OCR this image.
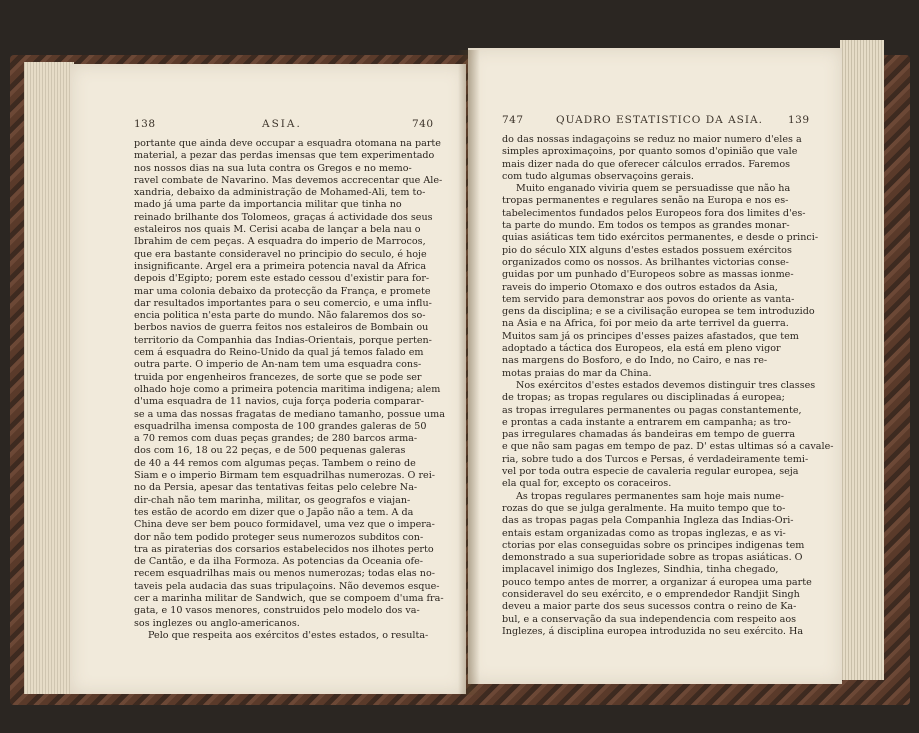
138	ASIA.	740
portante que ainda deve occupar a esquadra otomana na parte
material, a pezar das perdas imensas que tem experimentado
nos nossos dias na sua luta contra os Gregos e no memo-
ravel combate de Navarino. Mas devemos accrecentar que Ale-
xandria, debaixo da administração de Mohamed-Ali, tem to-
mado já uma parte da importancia militar que tinha no
reinado brilhante dos Tolomeos, graças á actividade dos seus
estaleiros nos quais M. Cerisi acaba de lançar a bela nau o
Ibrahim de cem peças. A esquadra do imperio de Marrocos,
que era bastante consideravel no principio do seculo, é hoje
insignificante. Argel era a primeira potencia naval da Africa
depois d'Egipto; porem este estado cessou d'existir para for-
mar uma colonia debaixo da protecção da França, e promete
dar resultados importantes para o seu comercio, e uma influ-
encia politica n'esta parte do mundo. Não falaremos dos so-
berbos navios de guerra feitos nos estaleiros de Bombain ou
territorio da Companhia das Indias-Orientais, porque perten-
cem á esquadra do Reino-Unido da qual já temos falado em
outra parte. O imperio de An-nam tem uma esquadra cons-
truida por engenheiros francezes, de sorte que se pode ser
olhado hoje como a primeira potencia maritima indigena; alem
d'uma esquadra de 11 navios, cuja força poderia comparar-
se a uma das nossas fragatas de mediano tamanho, possue uma
esquadrilha imensa composta de 100 grandes galeras de 50
a 70 remos com duas peças grandes; de 280 barcos arma-
dos com 16, 18 ou 22 peças, e de 500 pequenas galeras
de 40 a 44 remos com algumas peças. Tambem o reino de
Siam e o imperio Birmam tem esquadrilhas numerozas. O rei-
no da Persia, apesar das tentativas feitas pelo celebre Na-
dir-chah não tem marinha, militar, os geografos e viajan-
tes estão de acordo em dizer que o Japão não a tem. A da
China deve ser bem pouco formidavel, uma vez que o impera-
dor não tem podido proteger seus numerozos subditos con-
tra as piraterias dos corsarios estabelecidos nos ilhotes perto
de Cantão, e da ilha Formoza. As potencias da Oceania ofe-
recem esquadrilhas mais ou menos numerozas; todas elas no-
taveis pela audacia das suas tripulaçoins. Não devemos esque-
cer a marinha militar de Sandwich, que se compoem d'uma fra-
gata, e 10 vasos menores, construidos pelo modelo dos va-
sos inglezes ou anglo-americanos.
Pelo que respeita aos exércitos d'estes estados, o resulta-
747	QUADRO ESTATISTICO DA ASIA. 139
do das nossas indagaçoins se reduz no maior numero d'eles a
simples aproximaçoins, por quanto somos d'opinião que vale
mais dizer nada do que oferecer cálculos errados. Faremos
com tudo algumas observaçoins gerais.
Muito enganado viviria quem se persuadisse que não ha
tropas permanentes e regulares senão na Europa e nos es-
tabelecimentos fundados pelos Europeos fora dos limites d'es-
ta parte do mundo. Em todos os tempos as grandes monar-
quias asiáticas tem tido exércitos permanentes, e desde o princi-
pio do século XIX alguns d'estes estados possuem exércitos
organizados como os nossos. As brilhantes victorias conse-
guidas por um punhado d'Europeos sobre as massas ionme-
raveis do imperio Otomaxo e dos outros estados da Asia,
tem servido para demonstrar aos povos do oriente as vanta-
gens da disciplina; e se a civilisação europea se tem introduzido
na Asia e na Africa, foi por meio da arte terrivel da guerra.
Muitos sam já os principes d'esses paizes afastados, que tem
adoptado a táctica dos Europeos, ela está em pleno vigor
nas margens do Bosforo, e do Indo, no Cairo, e nas re-
motas praias do mar da China.
Nos exércitos d'estes estados devemos distinguir tres classes
de tropas; as tropas regulares ou disciplinadas á europea;
as tropas irregulares permanentes ou pagas constantemente,
e prontas a cada instante a entrarem em campanha; as tro-
pas irregulares chamadas ás bandeiras em tempo de guerra
e que não sam pagas em tempo de paz. D' estas ultimas só a cavale-
ria, sobre tudo a dos Turcos e Persas, é verdadeiramente temi-
vel por toda outra especie de cavaleria regular europea, seja
ela qual for, excepto os coraceiros.
As tropas regulares permanentes sam hoje mais nume-
rozas do que se julga geralmente. Ha muito tempo que to-
das as tropas pagas pela Companhia Ingleza das Indias-Ori-
entais estam organizadas como as tropas inglezas, e as vi-
ctorias por elas conseguidas sobre os principes indigenas tem
demonstrado a sua superioridade sobre as tropas asiáticas. O
implacavel inimigo dos Inglezes, Sindhia, tinha chegado,
pouco tempo antes de morrer, a organizar á europea uma parte
consideravel do seu exército, e o emprendedor Randjit Singh
deveu a maior parte dos seus sucessos contra o reino de Ka-
bul, e a conservação da sua independencia com respeito aos
Inglezes, á disciplina europea introduzida no seu exército. Ha
